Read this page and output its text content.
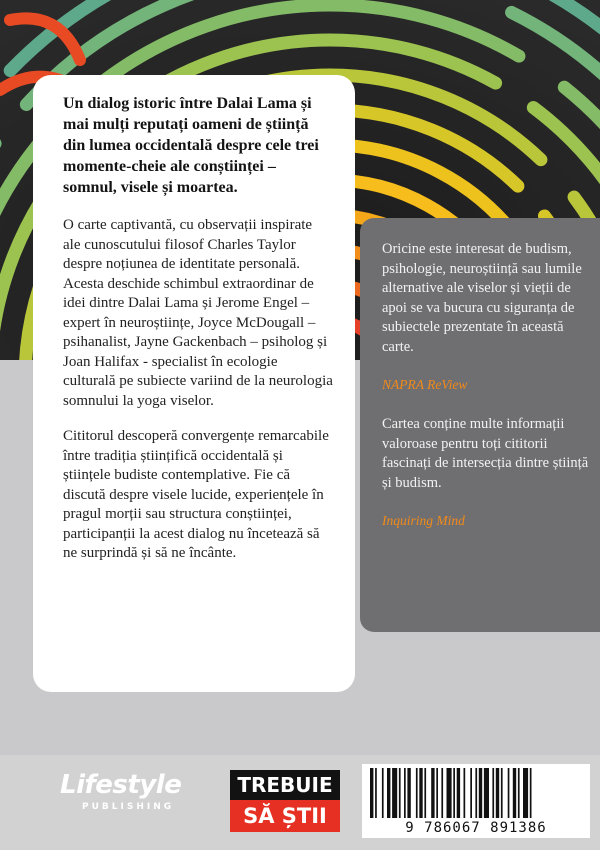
Un dialog istoric între Dalai Lama și mai mulți reputați oameni de știință din lumea occidentală despre cele trei momente-cheie ale conștiinței – somnul, visele și moartea.

O carte captivantă, cu observații inspirate ale cunoscutului filosof Charles Taylor despre noțiunea de identitate personală. Acesta deschide schimbul extraordinar de idei dintre Dalai Lama și Jerome Engel – expert în neuroștiințe, Joyce McDougall – psihanalist, Jayne Gackenbach – psiholog și Joan Halifax - specialist în ecologie culturală pe subiecte variind de la neurologia somnului la yoga viselor.

Cititorul descoperă convergențe remarcabile între tradiția științifică occidentală și științele budiste contemplative. Fie că discută despre visele lucide, experiențele în pragul morții sau structura conștiinței, participanții la acest dialog nu încetează să ne surprindă și să ne încânte.

Oricine este interesat de budism, psihologie, neuroștiință sau lumile alternative ale viselor și vieții de apoi se va bucura cu siguranța de subiectele prezentate în această carte.

NAPRA ReView

Cartea conține multe informații valoroase pentru toți cititorii fascinați de intersecția dintre știință și budism.

Inquiring Mind

Lifestyle
PUBLISHING
TREBUIE
SĂ ȘTII	9 786067 891386
